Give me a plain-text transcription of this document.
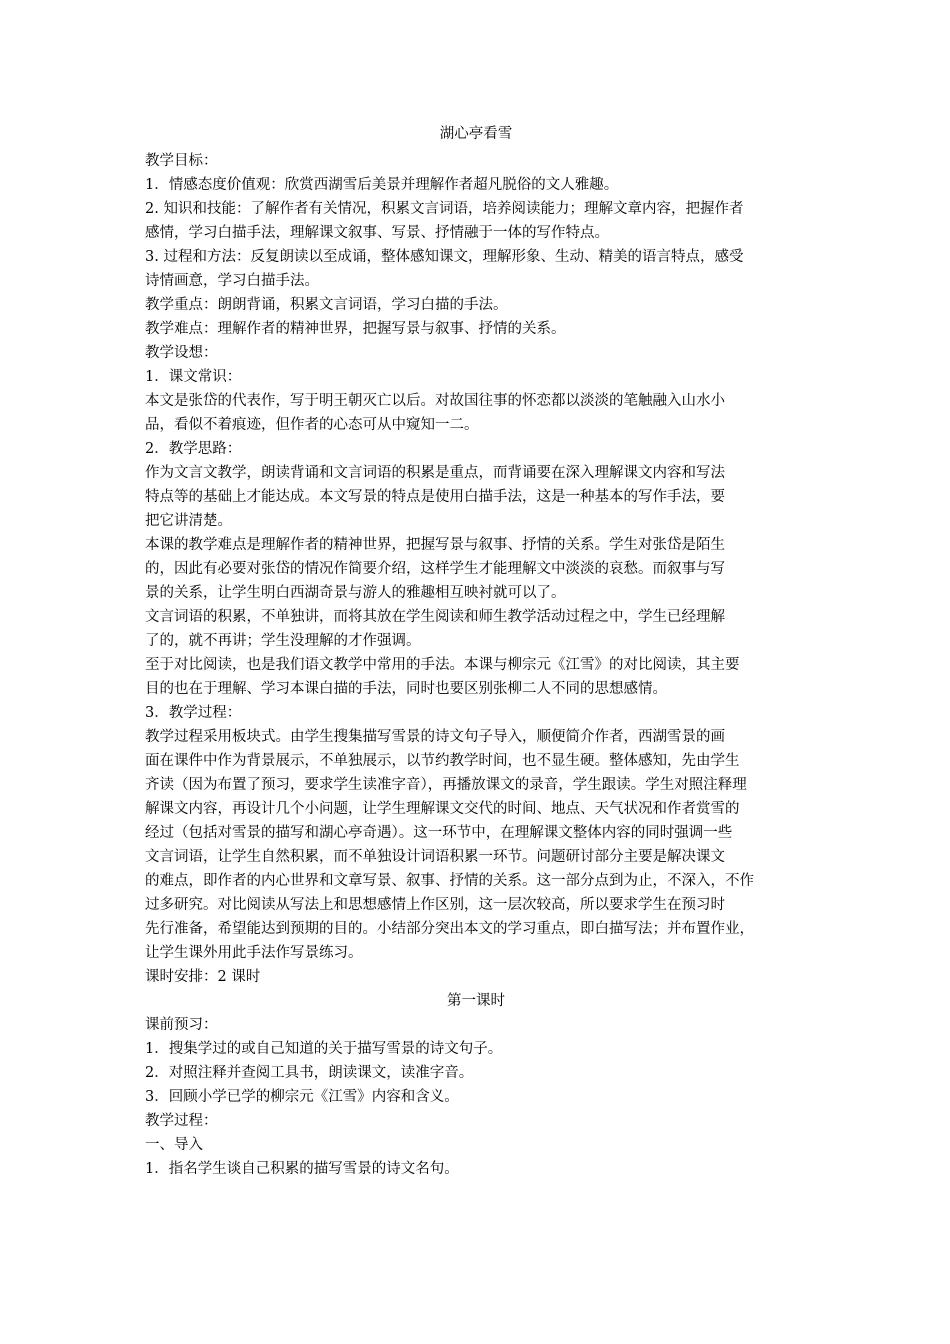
湖心亭看雪
教学目标：
1．情感态度价值观：欣赏西湖雪后美景并理解作者超凡脱俗的文人雅趣。
2. 知识和技能：了解作者有关情况，积累文言词语，培养阅读能力；理解文章内容，把握作者
感情，学习白描手法，理解课文叙事、写景、抒情融于一体的写作特点。
3. 过程和方法：反复朗读以至成诵，整体感知课文，理解形象、生动、精美的语言特点，感受
诗情画意，学习白描手法。
教学重点：朗朗背诵，积累文言词语，学习白描的手法。
教学难点：理解作者的精神世界，把握写景与叙事、抒情的关系。
教学设想：
1．课文常识：
本文是张岱的代表作，写于明王朝灭亡以后。对故国往事的怀恋都以淡淡的笔触融入山水小
品，看似不着痕迹，但作者的心态可从中窥知一二。
2．教学思路：
作为文言文教学，朗读背诵和文言词语的积累是重点，而背诵要在深入理解课文内容和写法
特点等的基础上才能达成。本文写景的特点是使用白描手法，这是一种基本的写作手法，要
把它讲清楚。
本课的教学难点是理解作者的精神世界，把握写景与叙事、抒情的关系。学生对张岱是陌生
的，因此有必要对张岱的情况作简要介绍，这样学生才能理解文中淡淡的哀愁。而叙事与写
景的关系，让学生明白西湖奇景与游人的雅趣相互映衬就可以了。
文言词语的积累，不单独讲，而将其放在学生阅读和师生教学活动过程之中，学生已经理解
了的，就不再讲；学生没理解的才作强调。
至于对比阅读，也是我们语文教学中常用的手法。本课与柳宗元《江雪》的对比阅读，其主要
目的也在于理解、学习本课白描的手法，同时也要区别张柳二人不同的思想感情。
3．教学过程：
教学过程采用板块式。由学生搜集描写雪景的诗文句子导入，顺便简介作者，西湖雪景的画
面在课件中作为背景展示，不单独展示，以节约教学时间，也不显生硬。整体感知，先由学生
齐读（因为布置了预习，要求学生读准字音），再播放课文的录音，学生跟读。学生对照注释理
解课文内容，再设计几个小问题，让学生理解课文交代的时间、地点、天气状况和作者赏雪的
经过（包括对雪景的描写和湖心亭奇遇）。这一环节中，在理解课文整体内容的同时强调一些
文言词语，让学生自然积累，而不单独设计词语积累一环节。问题研讨部分主要是解决课文
的难点，即作者的内心世界和文章写景、叙事、抒情的关系。这一部分点到为止，不深入，不作
过多研究。对比阅读从写法上和思想感情上作区别，这一层次较高，所以要求学生在预习时
先行准备，希望能达到预期的目的。小结部分突出本文的学习重点，即白描写法；并布置作业，
让学生课外用此手法作写景练习。
课时安排：2 课时
第一课时
课前预习：
1．搜集学过的或自己知道的关于描写雪景的诗文句子。
2．对照注释并查阅工具书，朗读课文，读准字音。
3．回顾小学已学的柳宗元《江雪》内容和含义。
教学过程：
一、导入
1．指名学生谈自己积累的描写雪景的诗文名句。
